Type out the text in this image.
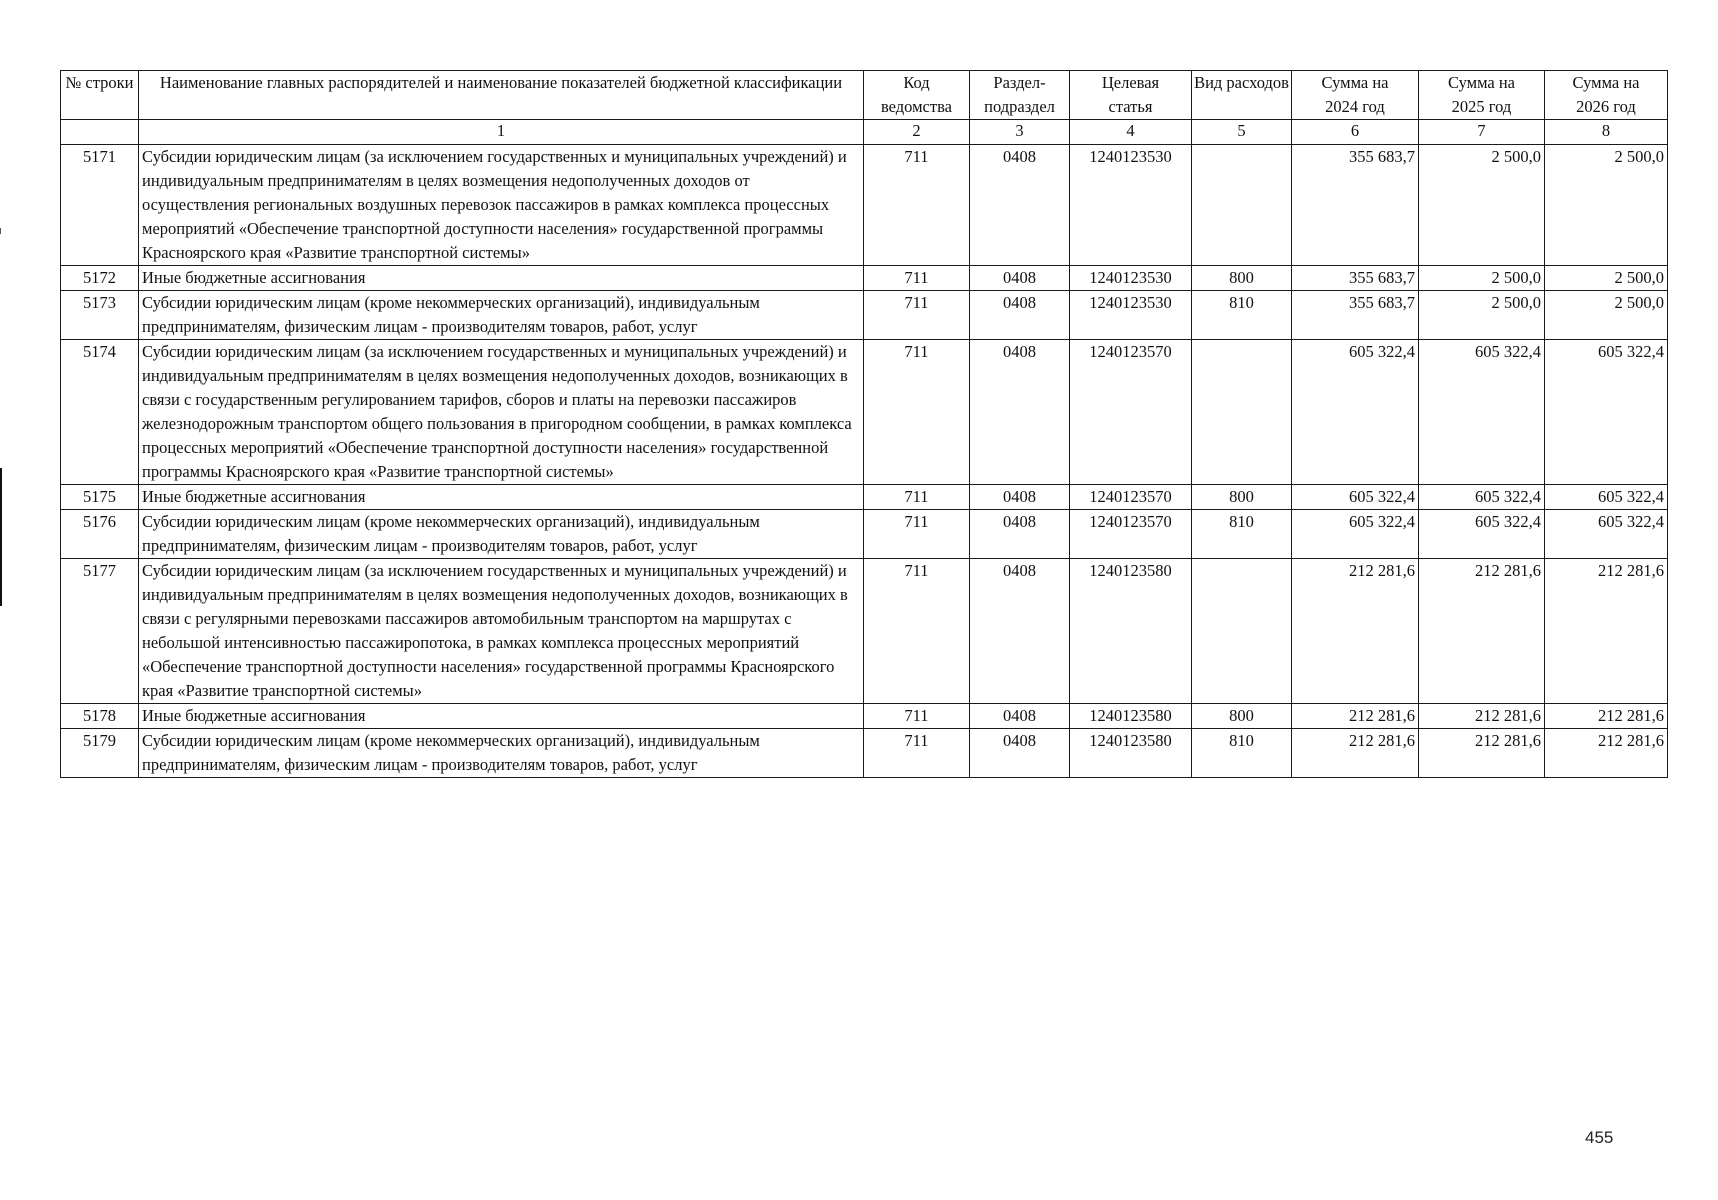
№ строки	Наименование главных распорядителей и наименование показателей бюджетной классификации	Код ведомства	Раздел-подраздел	Целевая статья	Вид расходов	Сумма на 2024 год	Сумма на 2025 год	Сумма на 2026 год
	1	2	3	4	5	6	7	8
5171	Субсидии юридическим лицам (за исключением государственных и муниципальных учреждений) и индивидуальным предпринимателям в целях возмещения недополученных доходов от осуществления региональных воздушных перевозок пассажиров в рамках комплекса процессных мероприятий «Обеспечение транспортной доступности населения» государственной программы Красноярского края «Развитие транспортной системы»	711	0408	1240123530		355 683,7	2 500,0	2 500,0
5172	Иные бюджетные ассигнования	711	0408	1240123530	800	355 683,7	2 500,0	2 500,0
5173	Субсидии юридическим лицам (кроме некоммерческих организаций), индивидуальным предпринимателям, физическим лицам - производителям товаров, работ, услуг	711	0408	1240123530	810	355 683,7	2 500,0	2 500,0
5174	Субсидии юридическим лицам (за исключением государственных и муниципальных учреждений) и индивидуальным предпринимателям в целях возмещения недополученных доходов, возникающих в связи с государственным регулированием тарифов, сборов и платы на перевозки пассажиров железнодорожным транспортом общего пользования в пригородном сообщении, в рамках комплекса процессных мероприятий «Обеспечение транспортной доступности населения» государственной программы Красноярского края «Развитие транспортной системы»	711	0408	1240123570		605 322,4	605 322,4	605 322,4
5175	Иные бюджетные ассигнования	711	0408	1240123570	800	605 322,4	605 322,4	605 322,4
5176	Субсидии юридическим лицам (кроме некоммерческих организаций), индивидуальным предпринимателям, физическим лицам - производителям товаров, работ, услуг	711	0408	1240123570	810	605 322,4	605 322,4	605 322,4
5177	Субсидии юридическим лицам (за исключением государственных и муниципальных учреждений) и индивидуальным предпринимателям в целях возмещения недополученных доходов, возникающих в связи с регулярными перевозками пассажиров автомобильным транспортом на маршрутах с небольшой интенсивностью пассажиропотока, в рамках комплекса процессных мероприятий «Обеспечение транспортной доступности населения» государственной программы Красноярского края «Развитие транспортной системы»	711	0408	1240123580		212 281,6	212 281,6	212 281,6
5178	Иные бюджетные ассигнования	711	0408	1240123580	800	212 281,6	212 281,6	212 281,6
5179	Субсидии юридическим лицам (кроме некоммерческих организаций), индивидуальным предпринимателям, физическим лицам - производителям товаров, работ, услуг	711	0408	1240123580	810	212 281,6	212 281,6	212 281,6
455
